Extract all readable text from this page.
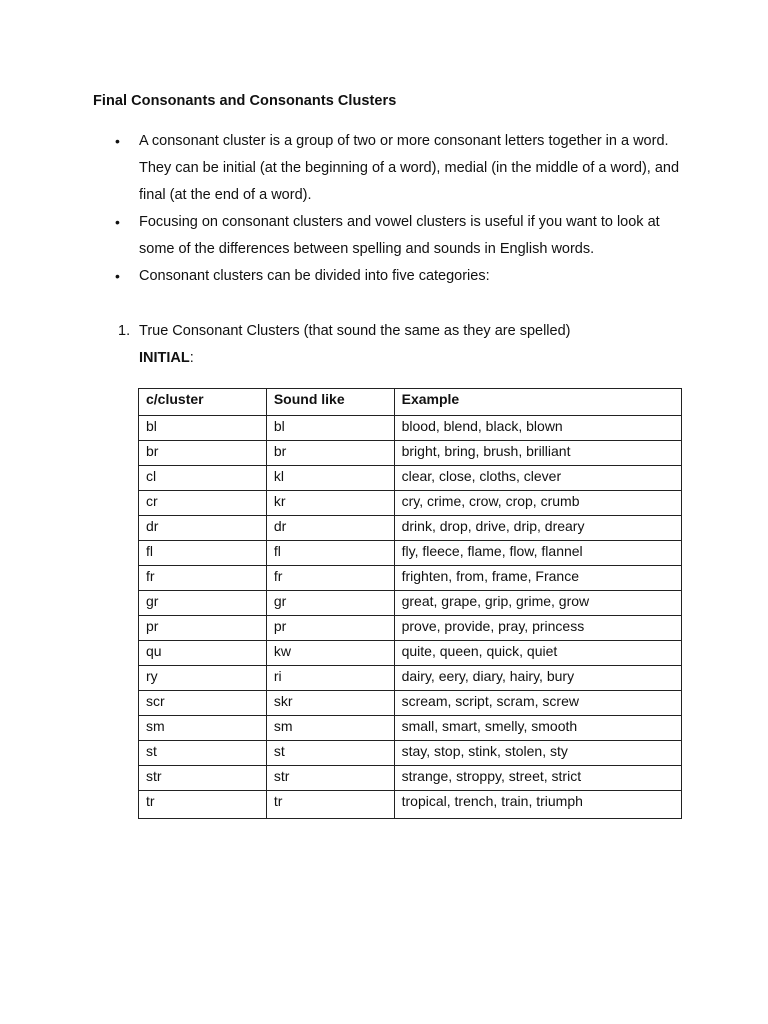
Final Consonants and Consonants Clusters
• A consonant cluster is a group of two or more consonant letters together in a word. They can be initial (at the beginning of a word), medial (in the middle of a word), and final (at the end of a word).
• Focusing on consonant clusters and vowel clusters is useful if you want to look at some of the differences between spelling and sounds in English words.
• Consonant clusters can be divided into five categories:
1. True Consonant Clusters (that sound the same as they are spelled)
INITIAL:
c/cluster	Sound like	Example
bl	bl	blood, blend, black, blown
br	br	bright, bring, brush, brilliant
cl	kl	clear, close, cloths, clever
cr	kr	cry, crime, crow, crop, crumb
dr	dr	drink, drop, drive, drip, dreary
fl	fl	fly, fleece, flame, flow, flannel
fr	fr	frighten, from, frame, France
gr	gr	great, grape, grip, grime, grow
pr	pr	prove, provide, pray, princess
qu	kw	quite, queen, quick, quiet
ry	ri	dairy, eery, diary, hairy, bury
scr	skr	scream, script, scram, screw
sm	sm	small, smart, smelly, smooth
st	st	stay, stop, stink, stolen, sty
str	str	strange, stroppy, street, strict
tr	tr	tropical, trench, train, triumph
